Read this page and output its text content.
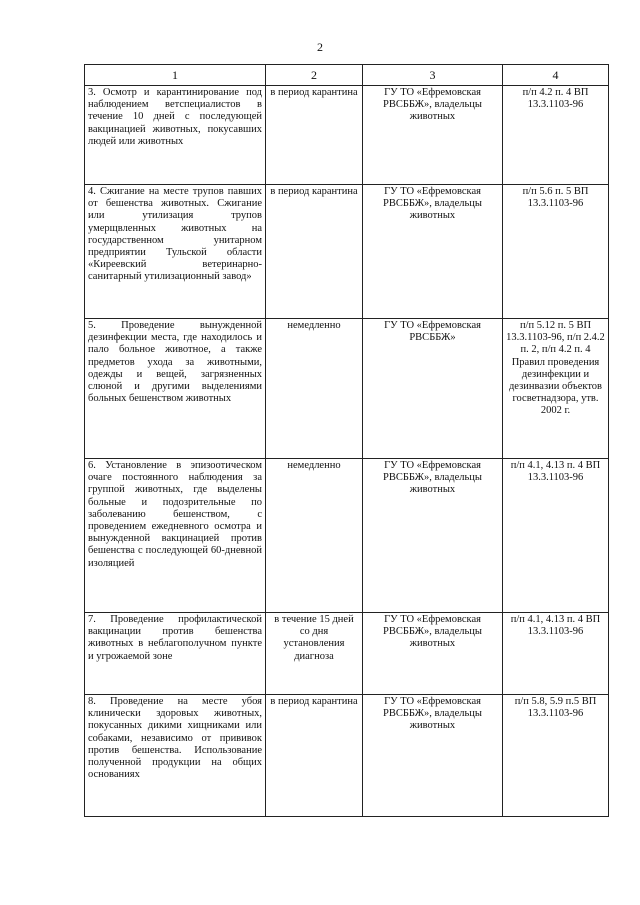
2
1	2	3	4
3. Осмотр и карантинирование под наблюдением ветспециалистов в течение 10 дней с последующей вакцинацией животных, покусавших людей или животных	в период карантина	ГУ ТО «Ефремовская РВСББЖ», владельцы животных	п/п 4.2 п. 4 ВП 13.3.1103-96
4. Сжигание на месте трупов павших от бешенства животных. Сжигание или утилизация трупов умерщвленных животных на государственном унитарном предприятии Тульской области «Киреевский ветеринарно-санитарный утилизационный завод»	в период карантина	ГУ ТО «Ефремовская РВСББЖ», владельцы животных	п/п 5.6 п. 5 ВП 13.3.1103-96
5. Проведение вынужденной дезинфекции места, где находилось и пало больное животное, а также предметов ухода за животными, одежды и вещей, загрязненных слюной и другими выделениями больных бешенством животных	немедленно	ГУ ТО «Ефремовская РВСББЖ»	п/п 5.12 п. 5 ВП 13.3.1103-96, п/п 2.4.2 п. 2, п/п 4.2 п. 4 Правил проведения дезинфекции и дезинвазии объектов госветнадзора, утв. 2002 г.
6. Установление в эпизоотическом очаге постоянного наблюдения за группой животных, где выделены больные и подозрительные по заболеванию бешенством, с проведением ежедневного осмотра и вынужденной вакцинацией против бешенства с последующей 60-дневной изоляцией	немедленно	ГУ ТО «Ефремовская РВСББЖ», владельцы животных	п/п 4.1, 4.13 п. 4 ВП 13.3.1103-96
7. Проведение профилактической вакцинации против бешенства животных в неблагополучном пункте и угрожаемой зоне	в течение 15 дней со дня установления диагноза	ГУ ТО «Ефремовская РВСББЖ», владельцы животных	п/п 4.1, 4.13 п. 4 ВП 13.3.1103-96
8. Проведение на месте убоя клинически здоровых животных, покусанных дикими хищниками или собаками, независимо от прививок против бешенства. Использование полученной продукции на общих основаниях	в период карантина	ГУ ТО «Ефремовская РВСББЖ», владельцы животных	п/п 5.8, 5.9 п.5 ВП 13.3.1103-96
